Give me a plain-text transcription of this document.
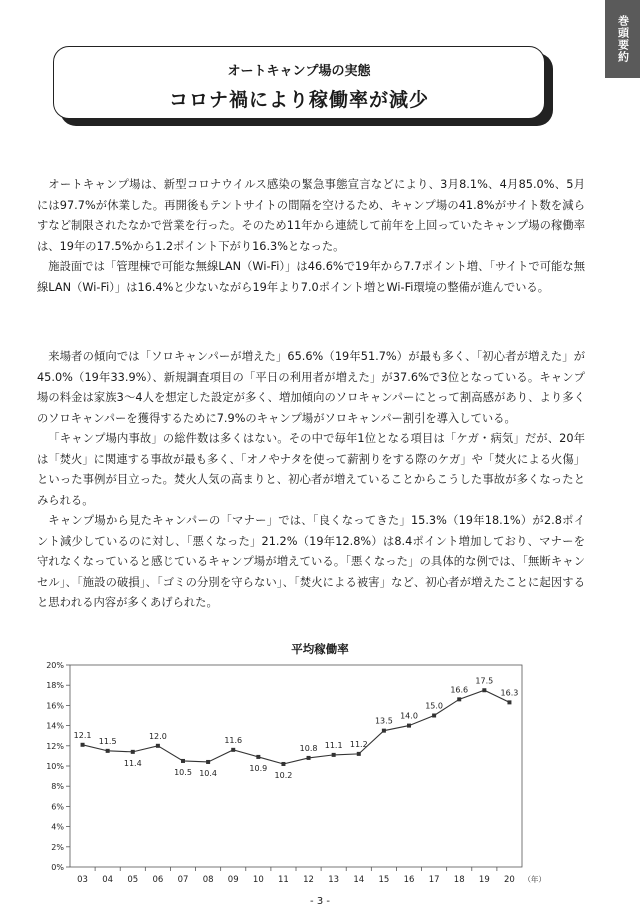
巻頭要約
オートキャンプ場の実態
コロナ禍により稼働率が減少

オートキャンプ場は、新型コロナウイルス感染の緊急事態宣言などにより、3月8.1%、4月85.0%、5月には97.7%が休業した。再開後もテントサイトの間隔を空けるため、キャンプ場の41.8%がサイト数を減らすなど制限されたなかで営業を行った。そのため11年から連続して前年を上回っていたキャンプ場の稼働率は、19年の17.5%から1.2ポイント下がり16.3%となった。

施設面では「管理棟で可能な無線LAN（Wi-Fi）」は46.6%で19年から7.7ポイント増、「サイトで可能な無線LAN（Wi-Fi）」は16.4%と少ないながら19年より7.0ポイント増とWi-Fi環境の整備が進んでいる。

来場者の傾向では「ソロキャンパーが増えた」65.6%（19年51.7%）が最も多く、「初心者が増えた」が45.0%（19年33.9%）、新規調査項目の「平日の利用者が増えた」が37.6%で3位となっている。キャンプ場の料金は家族3～4人を想定した設定が多く、増加傾向のソロキャンパーにとって割高感があり、より多くのソロキャンパーを獲得するために7.9%のキャンプ場がソロキャンパー割引を導入している。

「キャンプ場内事故」の総件数は多くはない。その中で毎年1位となる項目は「ケガ・病気」だが、20年は「焚火」に関連する事故が最も多く、「オノやナタを使って薪割りをする際のケガ」や「焚火による火傷」といった事例が目立った。焚火人気の高まりと、初心者が増えていることからこうした事故が多くなったとみられる。

キャンプ場から見たキャンパーの「マナー」では、「良くなってきた」15.3%（19年18.1%）が2.8ポイント減少しているのに対し、「悪くなった」21.2%（19年12.8%）は8.4ポイント増加しており、マナーを守れなくなっていると感じているキャンプ場が増えている。「悪くなった」の具体的な例では、「無断キャンセル」、「施設の破損」、「ゴミの分別を守らない」、「焚火による被害」など、初心者が増えたことに起因すると思われる内容が多くあげられた。

平均稼働率
0%
2%
4%
6%
8%
10%
12%
14%
16%
18%
20%
03 04 05 06 07 08 09 10 11 12 13 14 15 16 17 18 19 20 （年）
12.1
11.5
11.4
12.0
10.5 10.4
11.6
10.9
10.2
10.8 11.1 11.2
13.5
14.0
15.0
16.6
17.5
16.3
- 3 -
